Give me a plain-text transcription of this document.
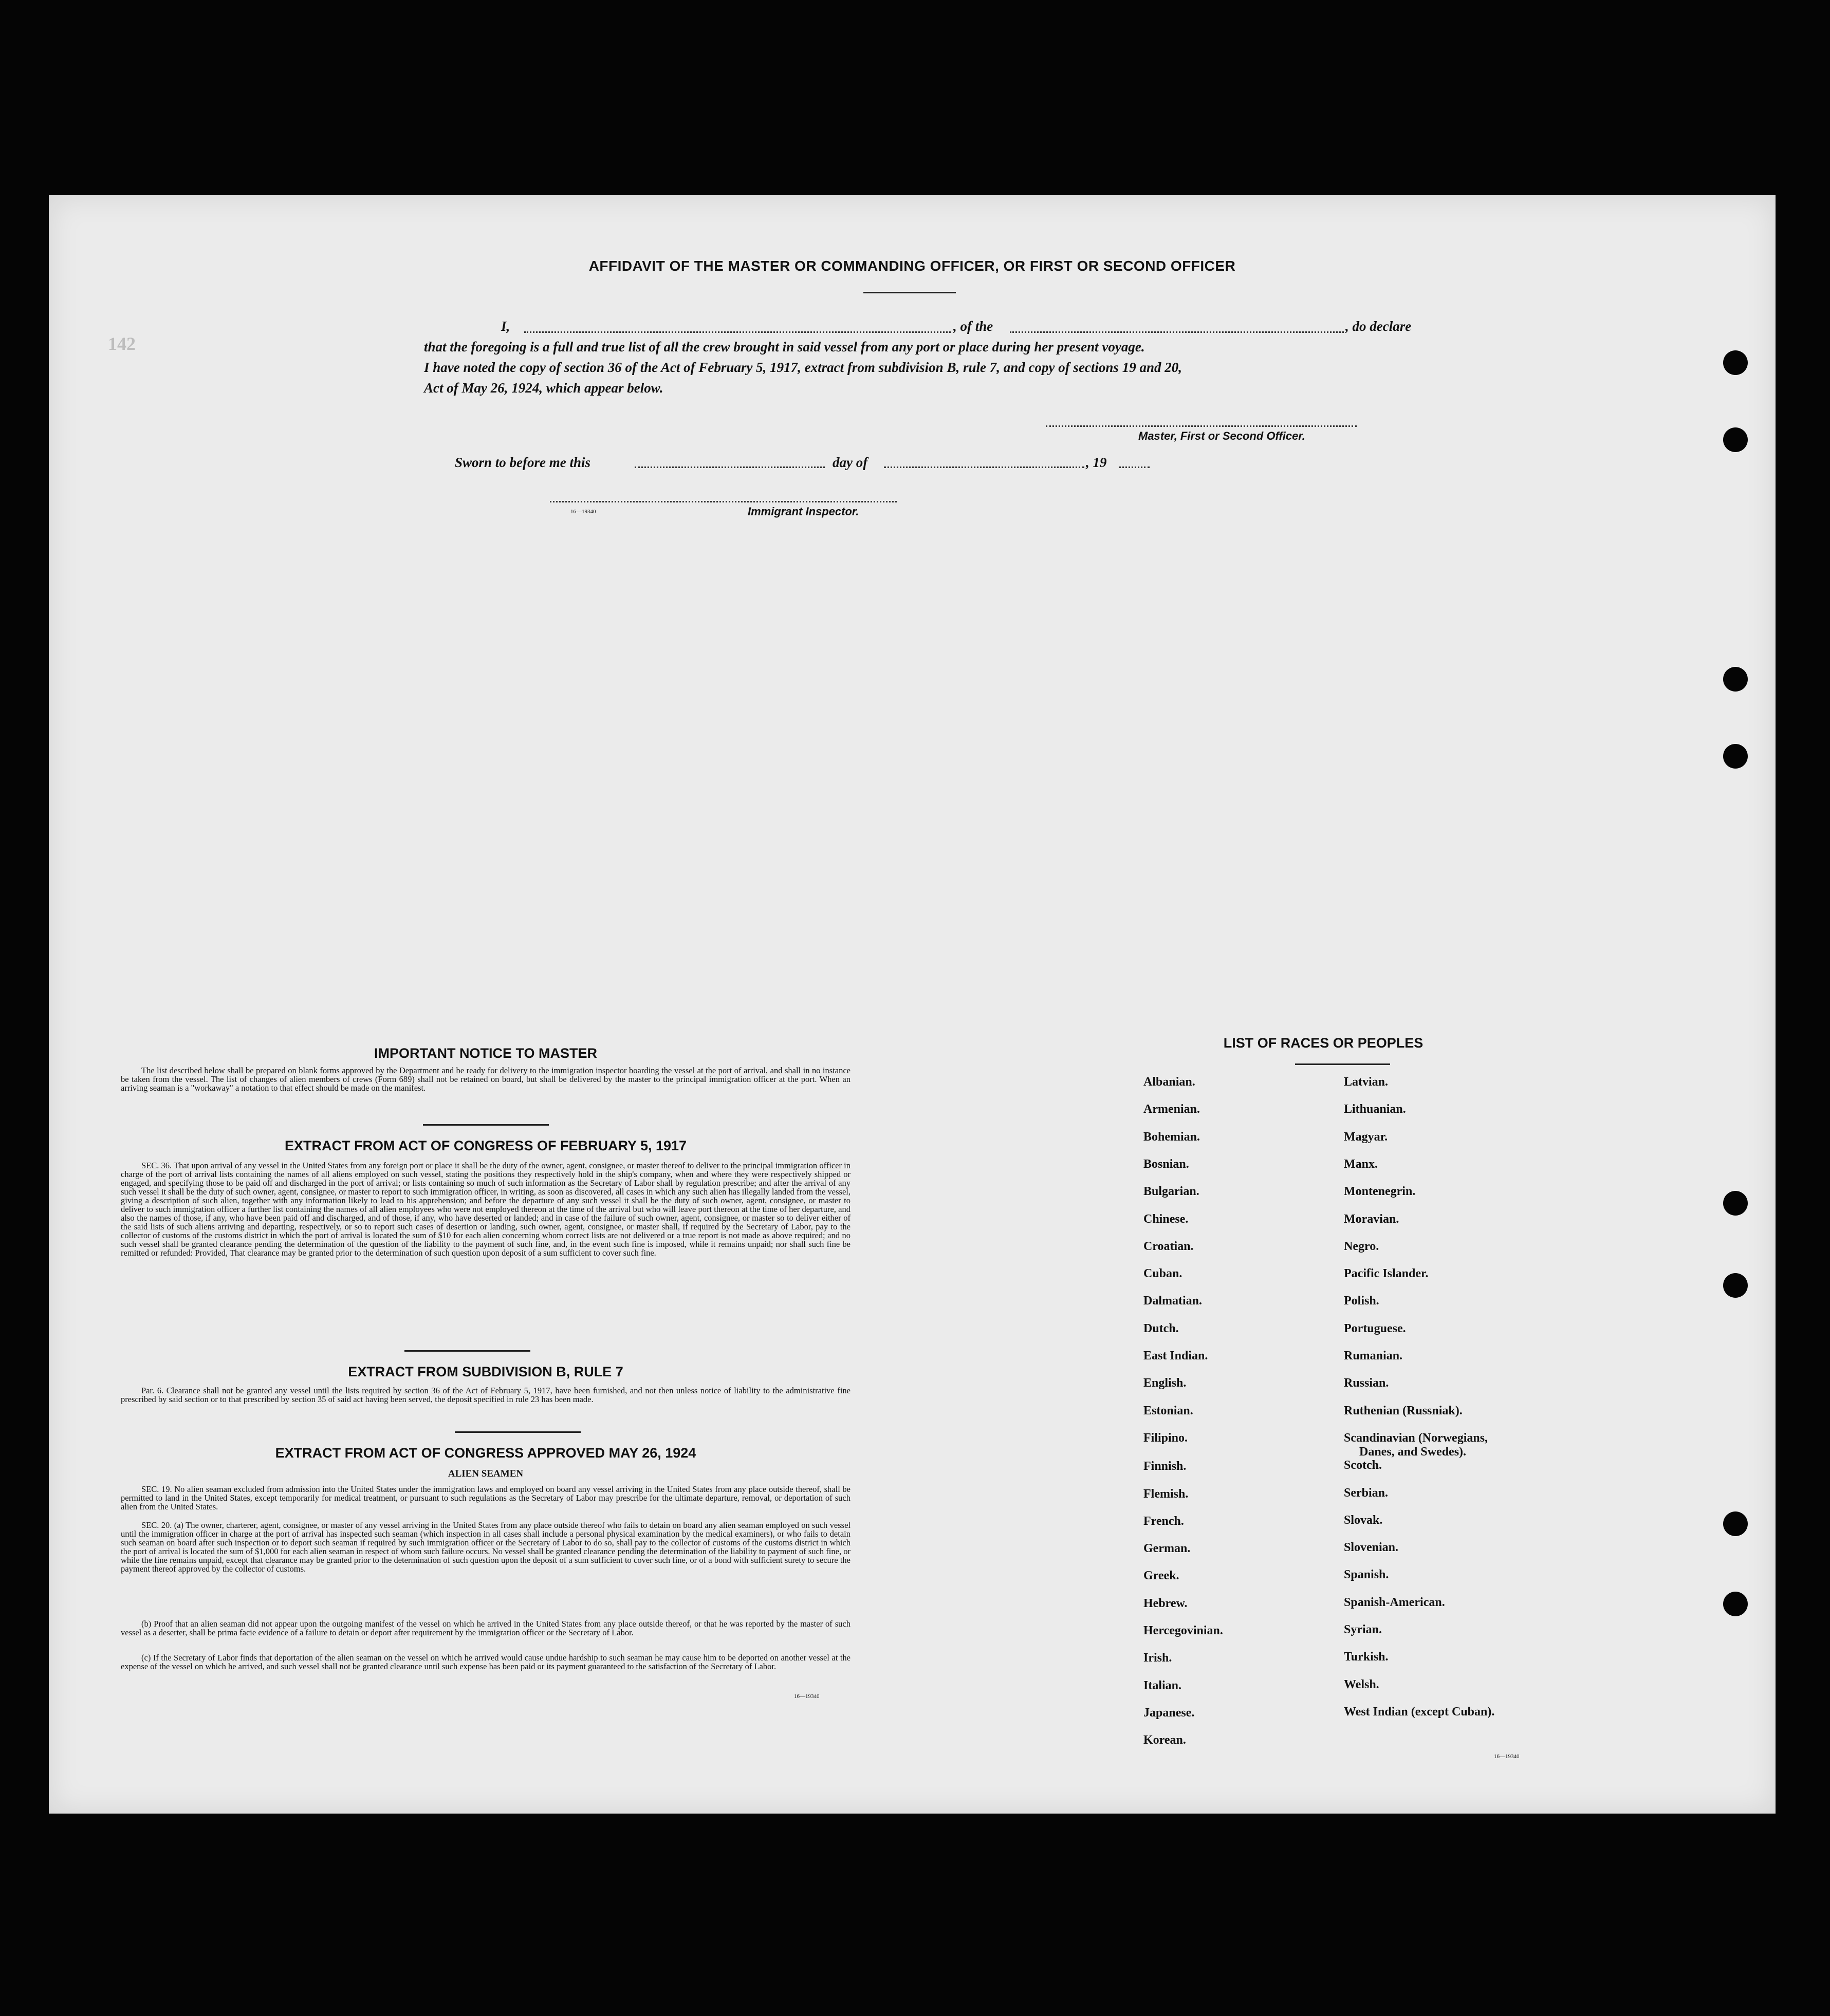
142
AFFIDAVIT OF THE MASTER OR COMMANDING OFFICER, OR FIRST OR SECOND OFFICER
I,	, of the	, do declare
that the foregoing is a full and true list of all the crew brought in said vessel from any port or place during her present voyage.
I have noted the copy of section 36 of the Act of February 5, 1917, extract from subdivision B, rule 7, and copy of sections 19 and 20,
Act of May 26, 1924, which appear below.
Master, First or Second Officer.
Sworn to before me this	day of	, 19
16—19340	Immigrant Inspector.
IMPORTANT NOTICE TO MASTER
The list described below shall be prepared on blank forms approved by the Department and be ready for delivery to the immigration inspector boarding the vessel at the port of arrival, and shall in no instance be taken from the vessel. The list of changes of alien members of crews (Form 689) shall not be retained on board, but shall be delivered by the master to the principal immigration officer at the port. When an arriving seaman is a "workaway" a notation to that effect should be made on the manifest.
EXTRACT FROM ACT OF CONGRESS OF FEBRUARY 5, 1917
SEC. 36. That upon arrival of any vessel in the United States from any foreign port or place it shall be the duty of the owner, agent, consignee, or master thereof to deliver to the principal immigration officer in charge of the port of arrival lists containing the names of all aliens employed on such vessel, stating the positions they respectively hold in the ship's company, when and where they were respectively shipped or engaged, and specifying those to be paid off and discharged in the port of arrival; or lists containing so much of such information as the Secretary of Labor shall by regulation prescribe; and after the arrival of any such vessel it shall be the duty of such owner, agent, consignee, or master to report to such immigration officer, in writing, as soon as discovered, all cases in which any such alien has illegally landed from the vessel, giving a description of such alien, together with any information likely to lead to his apprehension; and before the departure of any such vessel it shall be the duty of such owner, agent, consignee, or master to deliver to such immigration officer a further list containing the names of all alien employees who were not employed thereon at the time of the arrival but who will leave port thereon at the time of her departure, and also the names of those, if any, who have been paid off and discharged, and of those, if any, who have deserted or landed; and in case of the failure of such owner, agent, consignee, or master so to deliver either of the said lists of such aliens arriving and departing, respectively, or so to report such cases of desertion or landing, such owner, agent, consignee, or master shall, if required by the Secretary of Labor, pay to the collector of customs of the customs district in which the port of arrival is located the sum of $10 for each alien concerning whom correct lists are not delivered or a true report is not made as above required; and no such vessel shall be granted clearance pending the determination of the question of the liability to the payment of such fine, and, in the event such fine is imposed, while it remains unpaid; nor shall such fine be remitted or refunded: Provided, That clearance may be granted prior to the determination of such question upon deposit of a sum sufficient to cover such fine.
EXTRACT FROM SUBDIVISION B, RULE 7
Par. 6. Clearance shall not be granted any vessel until the lists required by section 36 of the Act of February 5, 1917, have been furnished, and not then unless notice of liability to the administrative fine prescribed by said section or to that prescribed by section 35 of said act having been served, the deposit specified in rule 23 has been made.
EXTRACT FROM ACT OF CONGRESS APPROVED MAY 26, 1924
ALIEN SEAMEN
SEC. 19. No alien seaman excluded from admission into the United States under the immigration laws and employed on board any vessel arriving in the United States from any place outside thereof, shall be permitted to land in the United States, except temporarily for medical treatment, or pursuant to such regulations as the Secretary of Labor may prescribe for the ultimate departure, removal, or deportation of such alien from the United States.
SEC. 20. (a) The owner, charterer, agent, consignee, or master of any vessel arriving in the United States from any place outside thereof who fails to detain on board any alien seaman employed on such vessel until the immigration officer in charge at the port of arrival has inspected such seaman (which inspection in all cases shall include a personal physical examination by the medical examiners), or who fails to detain such seaman on board after such inspection or to deport such seaman if required by such immigration officer or the Secretary of Labor to do so, shall pay to the collector of customs of the customs district in which the port of arrival is located the sum of $1,000 for each alien seaman in respect of whom such failure occurs. No vessel shall be granted clearance pending the determination of the liability to payment of such fine, or while the fine remains unpaid, except that clearance may be granted prior to the determination of such question upon the deposit of a sum sufficient to cover such fine, or of a bond with sufficient surety to secure the payment thereof approved by the collector of customs.
(b) Proof that an alien seaman did not appear upon the outgoing manifest of the vessel on which he arrived in the United States from any place outside thereof, or that he was reported by the master of such vessel as a deserter, shall be prima facie evidence of a failure to detain or deport after requirement by the immigration officer or the Secretary of Labor.
(c) If the Secretary of Labor finds that deportation of the alien seaman on the vessel on which he arrived would cause undue hardship to such seaman he may cause him to be deported on another vessel at the expense of the vessel on which he arrived, and such vessel shall not be granted clearance until such expense has been paid or its payment guaranteed to the satisfaction of the Secretary of Labor.
16—19340
LIST OF RACES OR PEOPLES
16—19340
Albanian.
Armenian.
Bohemian.
Bosnian.
Bulgarian.
Chinese.
Croatian.
Cuban.
Dalmatian.
Dutch.
East Indian.
English.
Estonian.
Filipino.
Finnish.
Flemish.
French.
German.
Greek.
Hebrew.
Hercegovinian.
Irish.
Italian.
Japanese.
Korean.
Latvian.
Lithuanian.
Magyar.
Manx.
Montenegrin.
Moravian.
Negro.
Pacific Islander.
Polish.
Portuguese.
Rumanian.
Russian.
Ruthenian (Russniak).
Scandinavian (Norwegians,
Danes, and Swedes).
Scotch.
Serbian.
Slovak.
Slovenian.
Spanish.
Spanish-American.
Syrian.
Turkish.
Welsh.
West Indian (except Cuban).
